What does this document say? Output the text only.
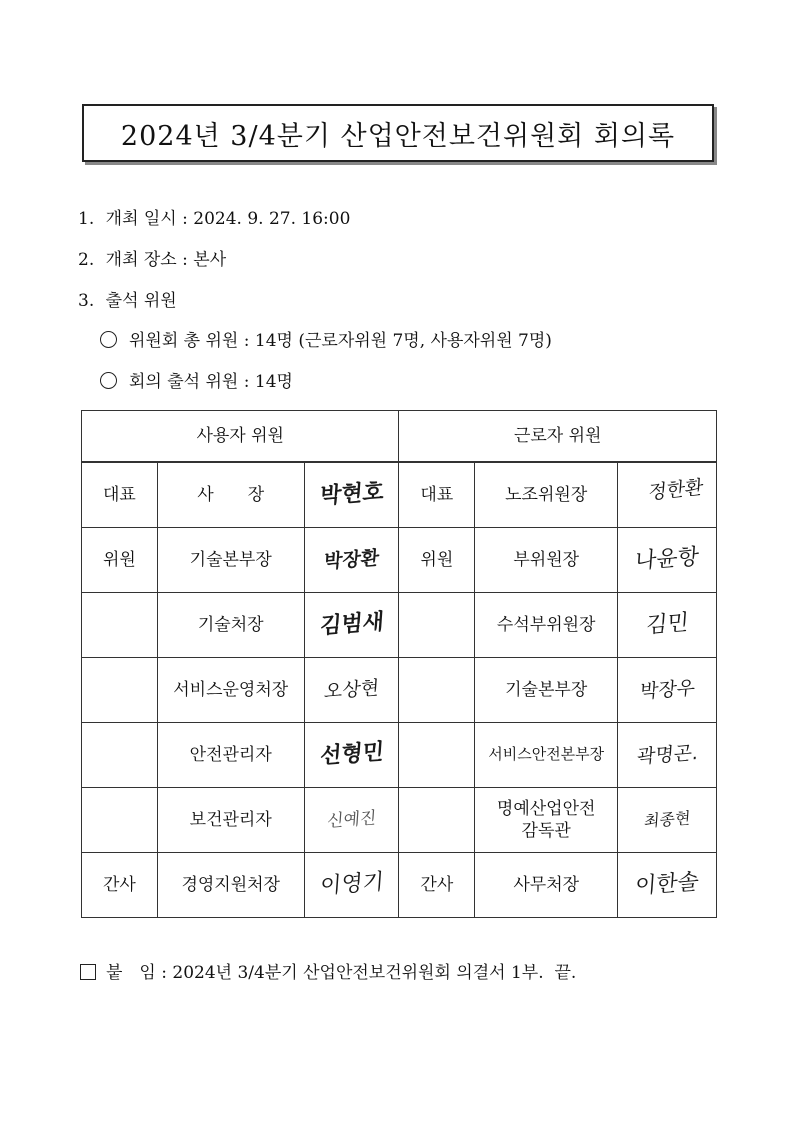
2024년 3/4분기 산업안전보건위원회 회의록
1. 개최 일시 : 2024. 9. 27. 16:00
2. 개최 장소 : 본사
3. 출석 위원
위원회 총 위원 : 14명 (근로자위원 7명, 사용자위원 7명)
회의 출석 위원 : 14명
사용자 위원			근로자 위원		
대표	사　　장	박현호	대표	노조위원장	정한환
위원	기술본부장	박장환	위원	부위원장	나윤항
	기술처장	김범새		수석부위원장	김민
	서비스운영처장	오상현		기술본부장	박장우
	안전관리자	선형민		서비스안전본부장	곽명곤.
	보건관리자	신예진		명예산업안전 감독관	최종현
간사	경영지원처장	이영기	간사	사무처장	이한솔
붙　임 : 2024년 3/4분기 산업안전보건위원회 의결서 1부. 끝.
